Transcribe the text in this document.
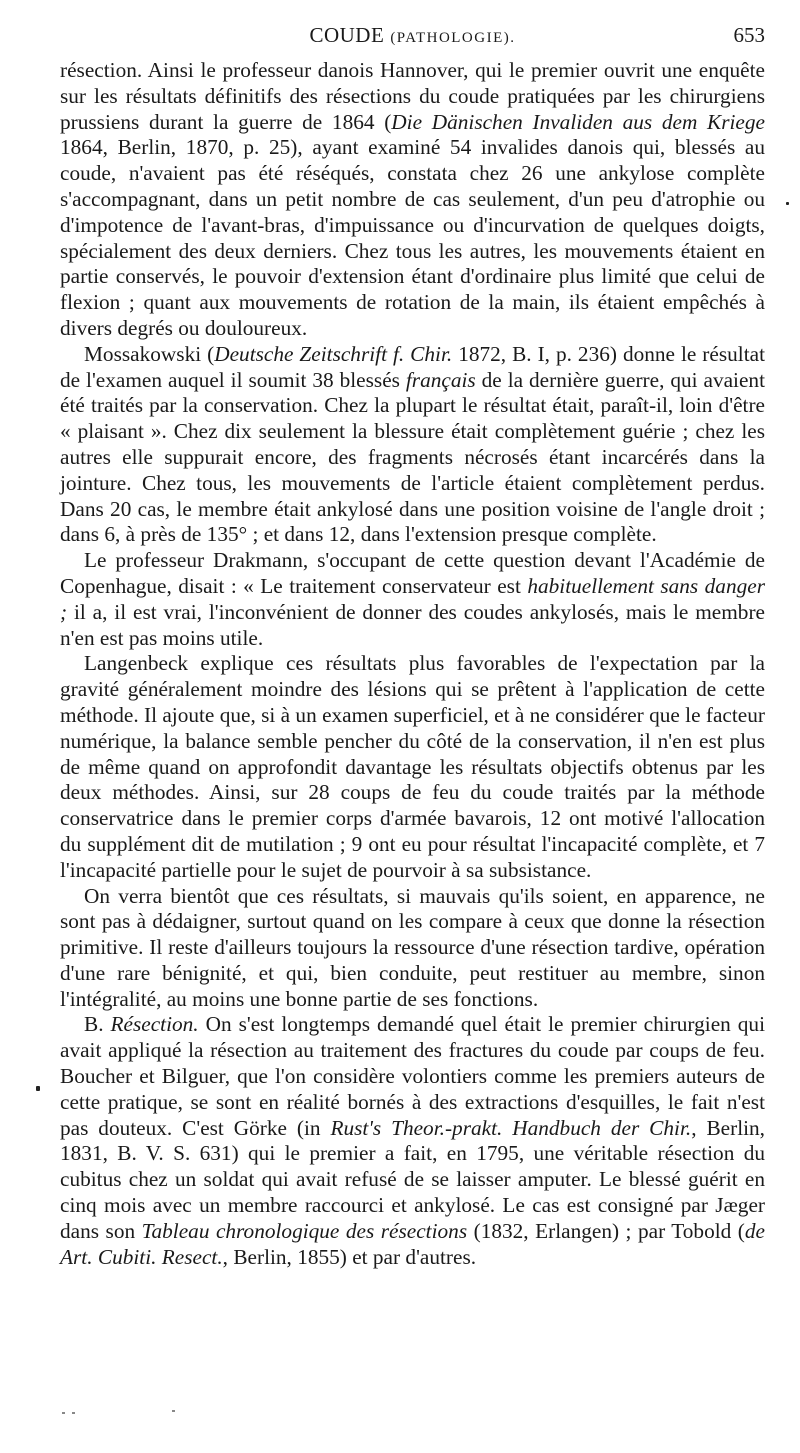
COUDE (PATHOLOGIE).	653

résection. Ainsi le professeur danois Hannover, qui le premier ouvrit une enquête sur les résultats définitifs des résections du coude pratiquées par les chirurgiens prussiens durant la guerre de 1864 (Die Dänischen Invaliden aus dem Kriege 1864, Berlin, 1870, p. 25), ayant examiné 54 invalides danois qui, blessés au coude, n'avaient pas été réséqués, constata chez 26 une ankylose complète s'accompagnant, dans un petit nombre de cas seulement, d'un peu d'atrophie ou d'impotence de l'avant-bras, d'impuissance ou d'incurvation de quelques doigts, spécialement des deux derniers. Chez tous les autres, les mouvements étaient en partie conservés, le pouvoir d'extension étant d'ordinaire plus limité que celui de flexion ; quant aux mouvements de rotation de la main, ils étaient empêchés à divers degrés ou douloureux.

Mossakowski (Deutsche Zeitschrift f. Chir. 1872, B. I, p. 236) donne le résultat de l'examen auquel il soumit 38 blessés français de la dernière guerre, qui avaient été traités par la conservation. Chez la plupart le résultat était, paraît-il, loin d'être « plaisant ». Chez dix seulement la blessure était complètement guérie ; chez les autres elle suppurait encore, des fragments nécrosés étant incarcérés dans la jointure. Chez tous, les mouvements de l'article étaient complètement perdus. Dans 20 cas, le membre était ankylosé dans une position voisine de l'angle droit ; dans 6, à près de 135° ; et dans 12, dans l'extension presque complète.

Le professeur Drakmann, s'occupant de cette question devant l'Académie de Copenhague, disait : « Le traitement conservateur est habituellement sans danger ; il a, il est vrai, l'inconvénient de donner des coudes ankylosés, mais le membre n'en est pas moins utile.

Langenbeck explique ces résultats plus favorables de l'expectation par la gravité généralement moindre des lésions qui se prêtent à l'application de cette méthode. Il ajoute que, si à un examen superficiel, et à ne considérer que le facteur numérique, la balance semble pencher du côté de la conservation, il n'en est plus de même quand on approfondit davantage les résultats objectifs obtenus par les deux méthodes. Ainsi, sur 28 coups de feu du coude traités par la méthode conservatrice dans le premier corps d'armée bavarois, 12 ont motivé l'allocation du supplément dit de mutilation ; 9 ont eu pour résultat l'incapacité complète, et 7 l'incapacité partielle pour le sujet de pourvoir à sa subsistance.

On verra bientôt que ces résultats, si mauvais qu'ils soient, en apparence, ne sont pas à dédaigner, surtout quand on les compare à ceux que donne la résection primitive. Il reste d'ailleurs toujours la ressource d'une résection tardive, opération d'une rare bénignité, et qui, bien conduite, peut restituer au membre, sinon l'intégralité, au moins une bonne partie de ses fonctions.

B. Résection. On s'est longtemps demandé quel était le premier chirurgien qui avait appliqué la résection au traitement des fractures du coude par coups de feu. Boucher et Bilguer, que l'on considère volontiers comme les premiers auteurs de cette pratique, se sont en réalité bornés à des extractions d'esquilles, le fait n'est pas douteux. C'est Görke (in Rust's Theor.-prakt. Handbuch der Chir., Berlin, 1831, B. V. S. 631) qui le premier a fait, en 1795, une véritable résection du cubitus chez un soldat qui avait refusé de se laisser amputer. Le blessé guérit en cinq mois avec un membre raccourci et ankylosé. Le cas est consigné par Jæger dans son Tableau chronologique des résections (1832, Erlangen) ; par Tobold (de Art. Cubiti. Resect., Berlin, 1855) et par d'autres.
